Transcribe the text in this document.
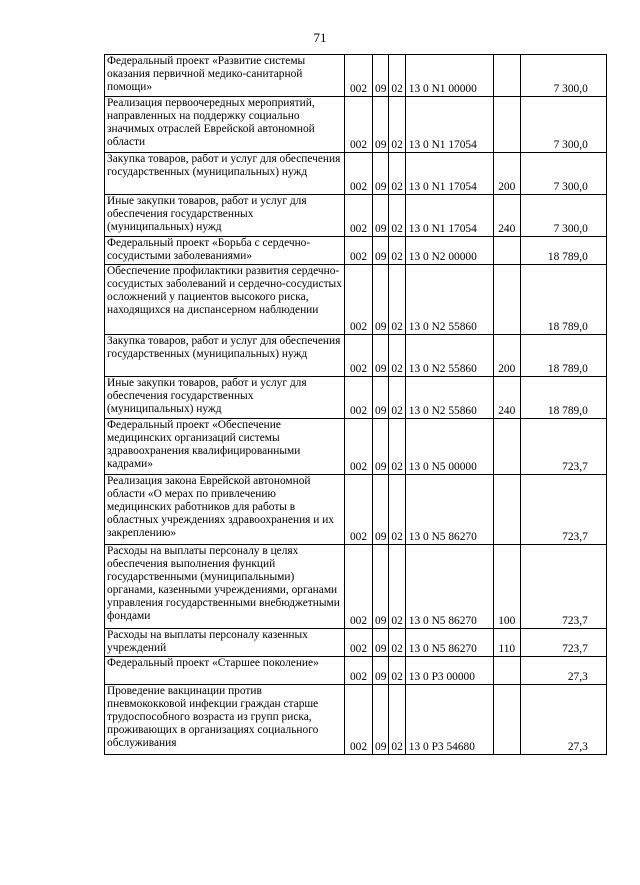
71
Федеральный проект «Развитие системы оказания первичной медико-санитарной помощи»	002	09	02	13 0 N1 00000		7 300,0
Реализация первоочередных мероприятий, направленных на поддержку социально значимых отраслей Еврейской автономной области	002	09	02	13 0 N1 17054		7 300,0
Закупка товаров, работ и услуг для обеспечения государственных (муниципальных) нужд	002	09	02	13 0 N1 17054	200	7 300,0
Иные закупки товаров, работ и услуг для обеспечения государственных (муниципальных) нужд	002	09	02	13 0 N1 17054	240	7 300,0
Федеральный проект «Борьба с сердечно-сосудистыми заболеваниями»	002	09	02	13 0 N2 00000		18 789,0
Обеспечение профилактики развития сердечно-сосудистых заболеваний и сердечно-сосудистых осложнений у пациентов высокого риска, находящихся на диспансерном наблюдении	002	09	02	13 0 N2 55860		18 789,0
Закупка товаров, работ и услуг для обеспечения государственных (муниципальных) нужд	002	09	02	13 0 N2 55860	200	18 789,0
Иные закупки товаров, работ и услуг для обеспечения государственных (муниципальных) нужд	002	09	02	13 0 N2 55860	240	18 789,0
Федеральный проект «Обеспечение медицинских организаций системы здравоохранения квалифицированными кадрами»	002	09	02	13 0 N5 00000		723,7
Реализация закона Еврейской автономной области «О мерах по привлечению медицинских работников для работы в областных учреждениях здравоохранения и их закреплению»	002	09	02	13 0 N5 86270		723,7
Расходы на выплаты персоналу в целях обеспечения выполнения функций государственными (муниципальными) органами, казенными учреждениями, органами управления государственными внебюджетными фондами	002	09	02	13 0 N5 86270	100	723,7
Расходы на выплаты персоналу казенных учреждений	002	09	02	13 0 N5 86270	110	723,7
Федеральный проект «Старшее поколение»	002	09	02	13 0 P3 00000		27,3
Проведение вакцинации против пневмококковой инфекции граждан старше трудоспособного возраста из групп риска, проживающих в организациях социального обслуживания	002	09	02	13 0 P3 54680		27,3
